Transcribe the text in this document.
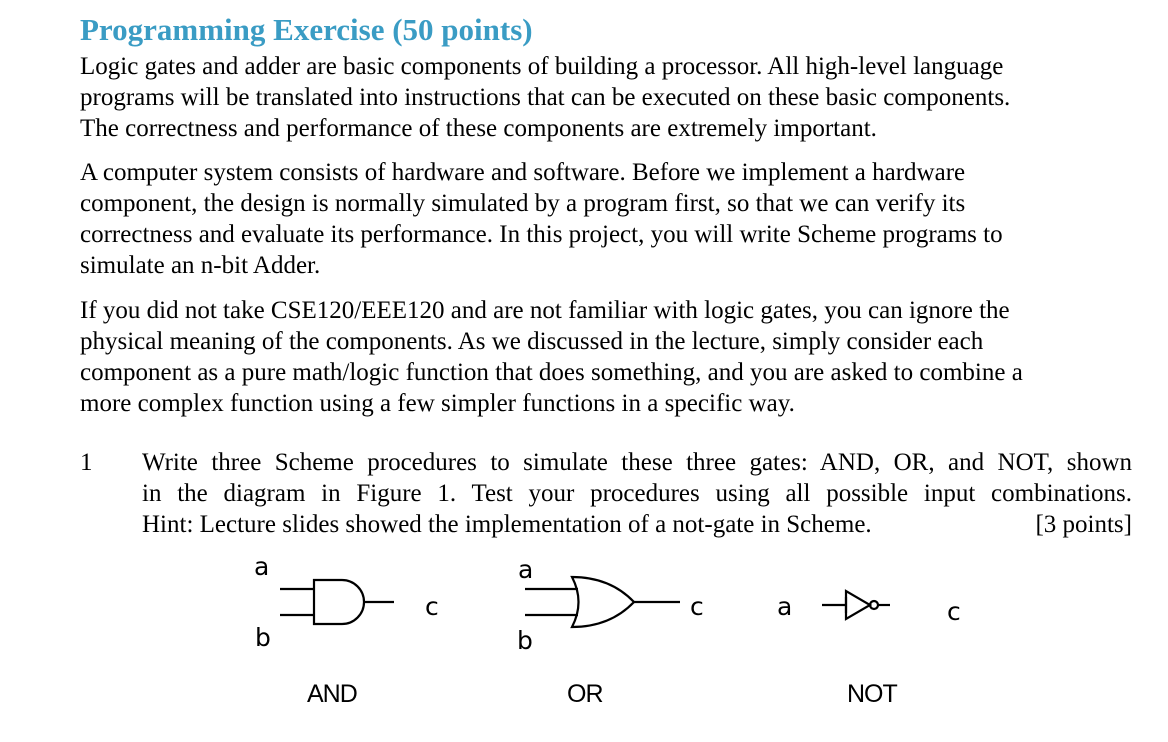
Programming Exercise (50 points)
Logic gates and adder are basic components of building a processor. All high-level language
programs will be translated into instructions that can be executed on these basic components.
The correctness and performance of these components are extremely important.
A computer system consists of hardware and software. Before we implement a hardware
component, the design is normally simulated by a program first, so that we can verify its
correctness and evaluate its performance. In this project, you will write Scheme programs to
simulate an n-bit Adder.
If you did not take CSE120/EEE120 and are not familiar with logic gates, you can ignore the
physical meaning of the components. As we discussed in the lecture, simply consider each
component as a pure math/logic function that does something, and you are asked to combine a
more complex function using a few simpler functions in a specific way.
1 Write three Scheme procedures to simulate these three gates: AND, OR, and NOT, shown
in the diagram in Figure 1. Test your procedures using all possible input combinations.
Hint: Lecture slides showed the implementation of a not-gate in Scheme.	[3 points]
a
b
c
AND
a
b
c
OR
a	c
NOT
